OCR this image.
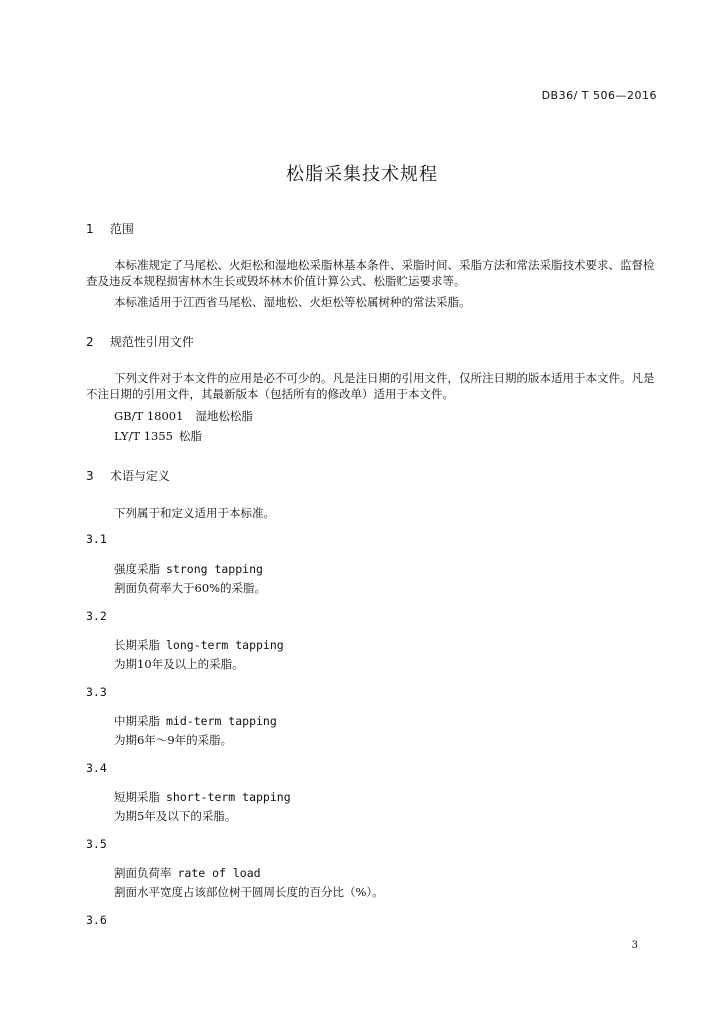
DB36/ T 506—2016
松脂采集技术规程
1 范围
本标准规定了马尾松、火炬松和湿地松采脂林基本条件、采脂时间、采脂方法和常法采脂技术要求、监督检查及违反本规程损害林木生长或毁坏林木价值计算公式、松脂贮运要求等。
本标准适用于江西省马尾松、湿地松、火炬松等松属树种的常法采脂。
2 规范性引用文件
下列文件对于本文件的应用是必不可少的。凡是注日期的引用文件，仅所注日期的版本适用于本文件。凡是不注日期的引用文件，其最新版本（包括所有的修改单）适用于本文件。
GB/T 18001 湿地松松脂
LY/T 1355 松脂
3 术语与定义
下列属于和定义适用于本标准。
3.1
强度采脂 strong tapping
割面负荷率大于60%的采脂。
3.2
长期采脂 long-term tapping
为期10年及以上的采脂。
3.3
中期采脂 mid-term tapping
为期6年～9年的采脂。
3.4
短期采脂 short-term tapping
为期5年及以下的采脂。
3.5
割面负荷率 rate of load
割面水平宽度占该部位树干圆周长度的百分比（%）。
3.6
3
